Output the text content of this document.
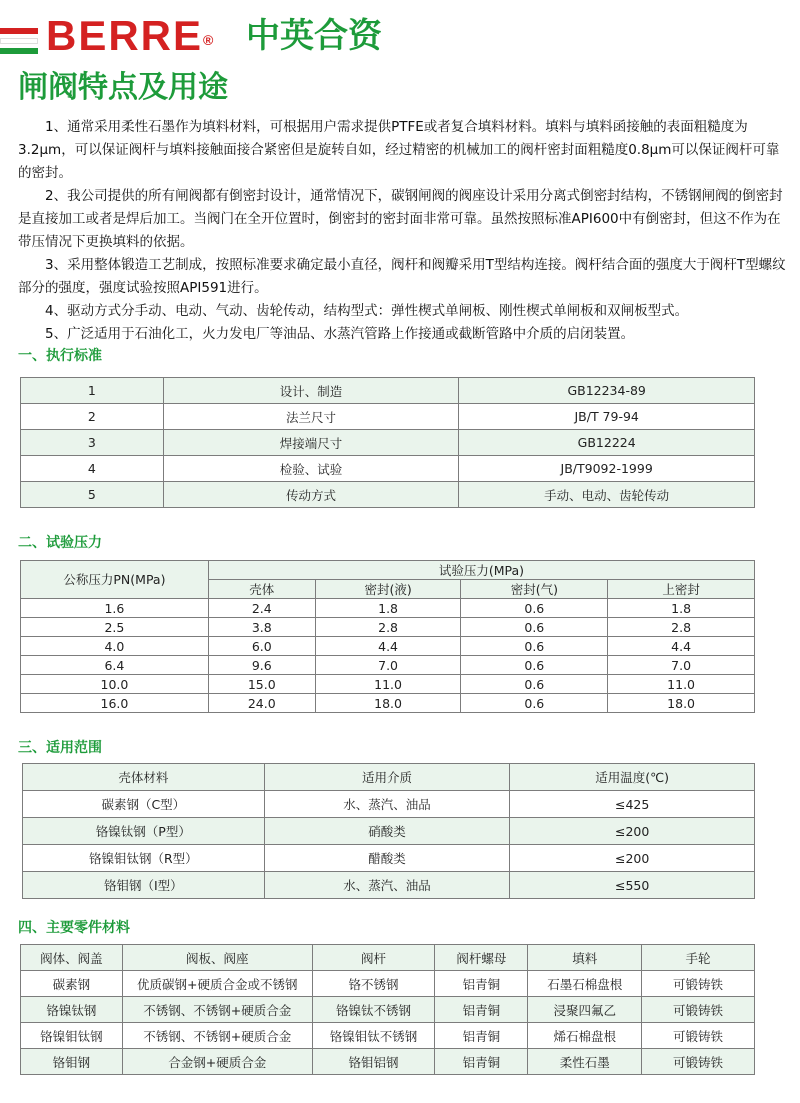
BERRE® 中英合资
闸阀特点及用途

1、通常采用柔性石墨作为填料材料，可根据用户需求提供PTFE或者复合填料材料。填料与填料函接触的表面粗糙度为3.2μm，可以保证阀杆与填料接触面接合紧密但是旋转自如，经过精密的机械加工的阀杆密封面粗糙度0.8μm可以保证阀杆可靠的密封。

2、我公司提供的所有闸阀都有倒密封设计，通常情况下，碳钢闸阀的阀座设计采用分离式倒密封结构，不锈钢闸阀的倒密封是直接加工或者是焊后加工。当阀门在全开位置时，倒密封的密封面非常可靠。虽然按照标准API600中有倒密封，但这不作为在带压情况下更换填料的依据。

3、采用整体锻造工艺制成，按照标准要求确定最小直径，阀杆和阀瓣采用T型结构连接。阀杆结合面的强度大于阀杆T型螺纹部分的强度，强度试验按照API591进行。

4、驱动方式分手动、电动、气动、齿轮传动，结构型式：弹性楔式单闸板、刚性楔式单闸板和双闸板型式。

5、广泛适用于石油化工，火力发电厂等油品、水蒸汽管路上作接通或截断管路中介质的启闭装置。

一、执行标准
1	设计、制造	GB12234-89
2	法兰尺寸	JB/T 79-94
3	焊接端尺寸	GB12224
4	检验、试验	JB/T9092-1999
5	传动方式	手动、电动、齿轮传动
二、试验压力
公称压力PN(MPa)	试验压力(MPa)			
	壳体	密封(液)	密封(气)	上密封
1.6	2.4	1.8	0.6	1.8
2.5	3.8	2.8	0.6	2.8
4.0	6.0	4.4	0.6	4.4
6.4	9.6	7.0	0.6	7.0
10.0	15.0	11.0	0.6	11.0
16.0	24.0	18.0	0.6	18.0
三、适用范围
壳体材料	适用介质	适用温度(℃)
碳素钢（C型）	水、蒸汽、油品	≤425
铬镍钛钢（P型）	硝酸类	≤200
铬镍钼钛钢（R型）	醋酸类	≤200
铬钼钢（I型）	水、蒸汽、油品	≤550
四、主要零件材料
阀体、阀盖	阀板、阀座	阀杆	阀杆螺母	填料	手轮
碳素钢	优质碳钢+硬质合金或不锈钢	铬不锈钢	铝青铜	石墨石棉盘根	可锻铸铁
铬镍钛钢	不锈钢、不锈钢+硬质合金	铬镍钛不锈钢	铝青铜	浸聚四氟乙	可锻铸铁
铬镍钼钛钢	不锈钢、不锈钢+硬质合金	铬镍钼钛不锈钢	铝青铜	烯石棉盘根	可锻铸铁
铬钼钢	合金钢+硬质合金	铬钼铝钢	铝青铜	柔性石墨	可锻铸铁
